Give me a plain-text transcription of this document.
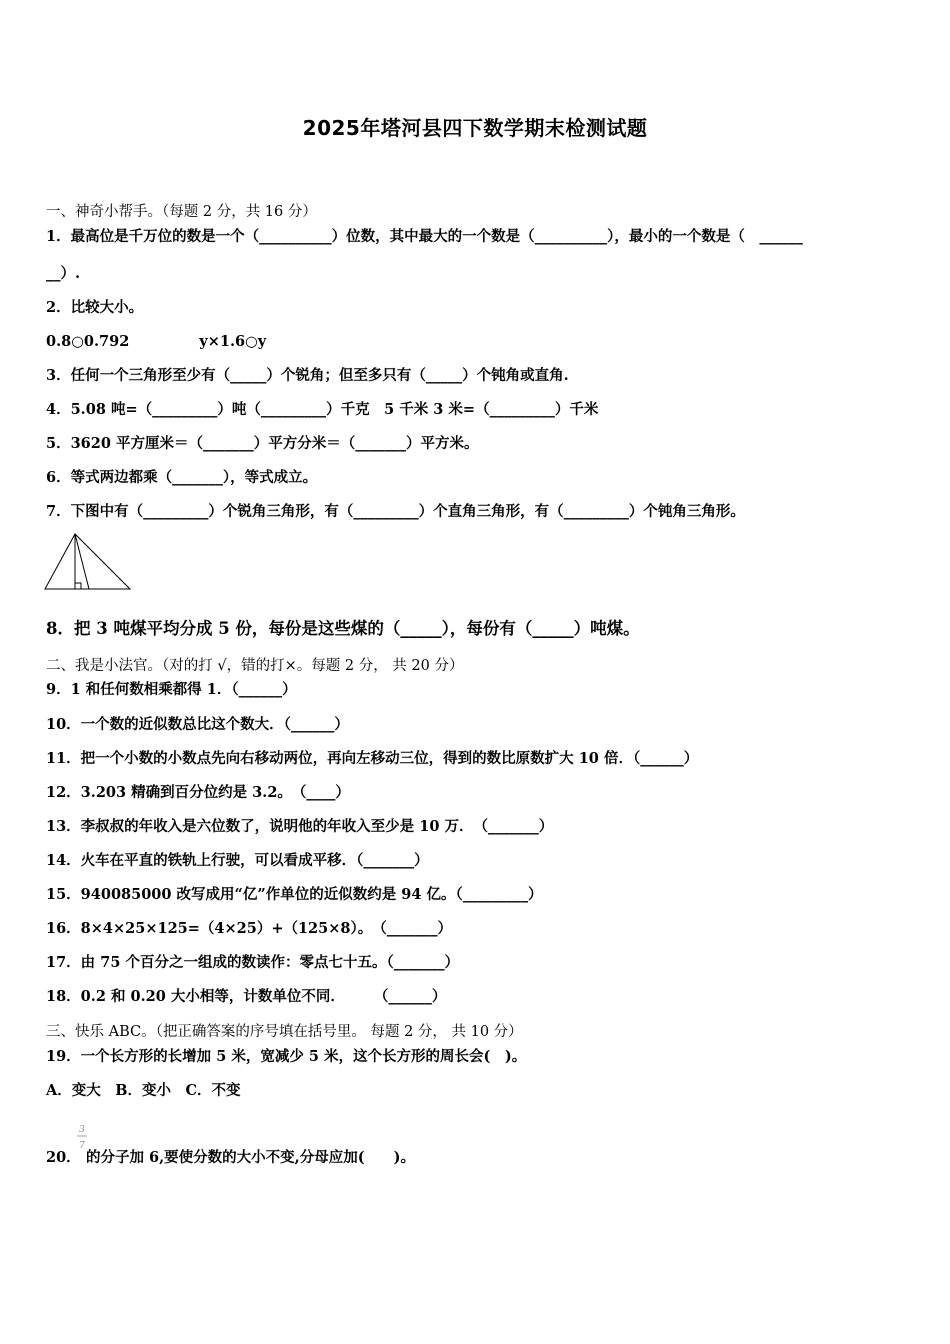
2025年塔河县四下数学期末检测试题
一、神奇小帮手。（每题 2 分，共 16 分）
1．最高位是千万位的数是一个（__________）位数，其中最大的一个数是（__________），最小的一个数是（　______
__）.
2．比较大小。
0.8○0.792	y×1.6○y
3．任何一个三角形至少有（_____）个锐角；但至多只有（_____）个钝角或直角.
4．5.08 吨=（_________）吨（_________）千克　5 千米 3 米=（_________）千米
5．3620 平方厘米＝（_______）平方分米＝（_______）平方米。
6．等式两边都乘（_______），等式成立。
7．下图中有（_________）个锐角三角形，有（_________）个直角三角形，有（_________）个钝角三角形。
8．把 3 吨煤平均分成 5 份，每份是这些煤的（_____），每份有（_____）吨煤。
二、我是小法官。（对的打 √，错的打×。每题 2 分， 共 20 分）
9．1 和任何数相乘都得 1．（______）
10．一个数的近似数总比这个数大．（______）
11．把一个小数的小数点先向右移动两位，再向左移动三位，得到的数比原数扩大 10 倍．（______）
12．3.203 精确到百分位约是 3.2。　（____）
13．李叔叔的年收入是六位数了，说明他的年收入至少是 10 万．　（_______）
14．火车在平直的铁轨上行驶，可以看成平移．（_______）
15．940085000 改写成用“亿”作单位的近似数约是 94 亿。（_________）
16．8×4×25×125=（4×25）+（125×8）。　（_______）
17．由 75 个百分之一组成的数读作：零点七十五。（_______）
18．0.2 和 0.20 大小相等，计数单位不同．　　　（______）
三、快乐 ABC。（把正确答案的序号填在括号里。 每题 2 分， 共 10 分）
19．一个长方形的长增加 5 米，宽减少 5 米，这个长方形的周长会(　)。
A．变大　B．变小　C．不变
20．
3
7
的分子加 6,要使分数的大小不变,分母应加(　　)。
